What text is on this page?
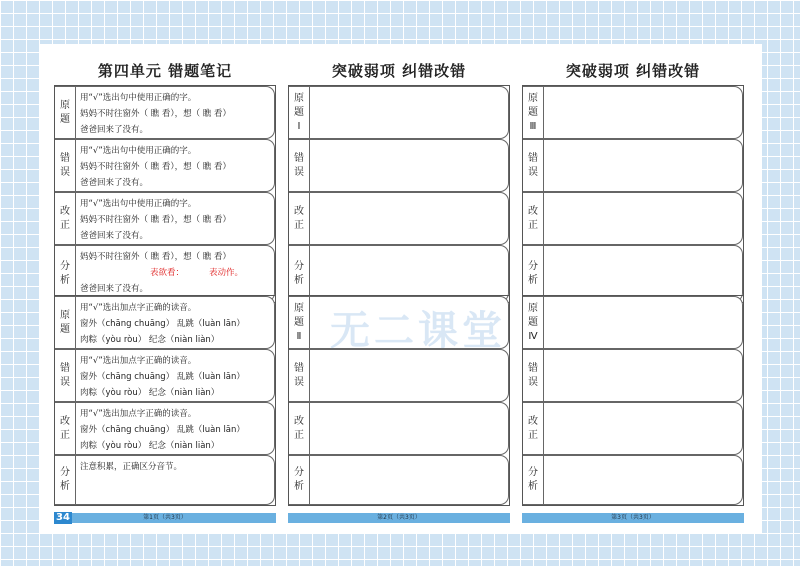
第四单元 错题笔记
原
题
用“√”选出句中使用正确的字。
妈妈不时往窗外（ 瞧 看），想（ 瞧 看）
爸爸回来了没有。
错
误
用“√”选出句中使用正确的字。
妈妈不时往窗外（ 瞧 看），想（ 瞧 看）
爸爸回来了没有。
改
正
用“√”选出句中使用正确的字。
妈妈不时往窗外（ 瞧 看），想（ 瞧 看）
爸爸回来了没有。
分
析
妈妈不时往窗外（ 瞧 看），想（ 瞧 看）
表欲看：	表动作。
爸爸回来了没有。
原
题
用“√”选出加点字正确的读音。
窗外（chāng chuāng） 乱跳（luàn lān）
肉粽（yòu ròu） 纪念（niàn liàn）
错
误
用“√”选出加点字正确的读音。
窗外（chāng chuāng） 乱跳（luàn lān）
肉粽（yòu ròu） 纪念（niàn liàn）
改
正
用“√”选出加点字正确的读音。
窗外（chāng chuāng） 乱跳（luàn lān）
肉粽（yòu ròu） 纪念（niàn liàn）
分
析
注意积累，正确区分音节。
第1页（共3页）
34
突破弱项 纠错改错
原
题
Ⅰ
错
误
改
正
分
析
原
题
Ⅱ
错
误
改
正
分
析
第2页（共3页）
突破弱项 纠错改错
原
题
Ⅲ
错
误
改
正
分
析
原
题
Ⅳ
错
误
改
正
分
析
第3页（共3页）
无二课堂
